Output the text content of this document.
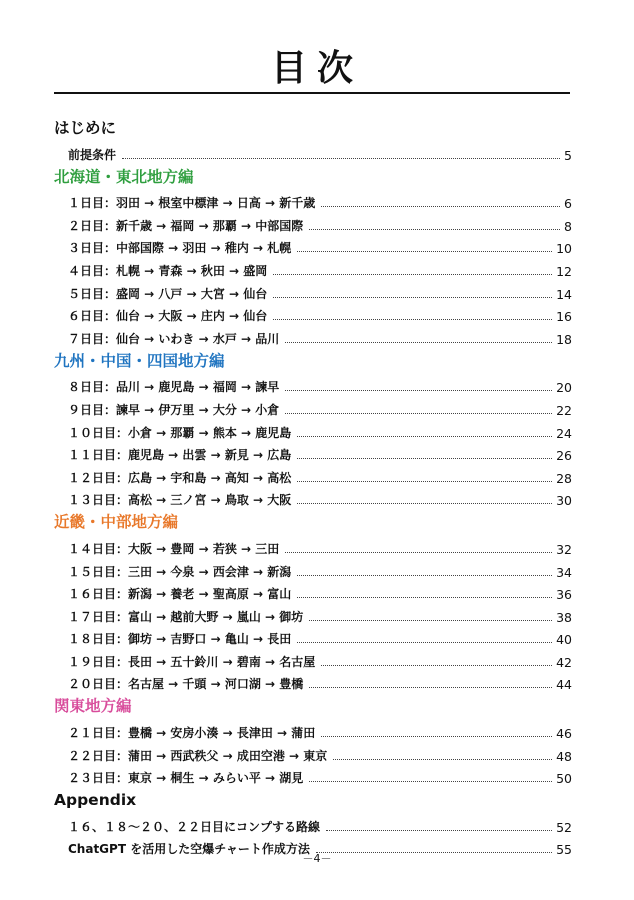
目次
はじめに
前提条件	5
北海道・東北地方編
１日目：羽田 → 根室中標津 → 日高 → 新千歳	6
２日目：新千歳 → 福岡 → 那覇 → 中部国際	8
３日目：中部国際 → 羽田 → 稚内 → 札幌	10
４日目：札幌 → 青森 → 秋田 → 盛岡	12
５日目：盛岡 → 八戸 → 大宮 → 仙台	14
６日目：仙台 → 大阪 → 庄内 → 仙台	16
７日目：仙台 → いわき → 水戸 → 品川	18
九州・中国・四国地方編
８日目：品川 → 鹿児島 → 福岡 → 諫早	20
９日目：諫早 → 伊万里 → 大分 → 小倉	22
１０日目：小倉 → 那覇 → 熊本 → 鹿児島	24
１１日目：鹿児島 → 出雲 → 新見 → 広島	26
１２日目：広島 → 宇和島 → 高知 → 高松	28
１３日目：高松 → 三ノ宮 → 鳥取 → 大阪	30
近畿・中部地方編
１４日目：大阪 → 豊岡 → 若狭 → 三田	32
１５日目：三田 → 今泉 → 西会津 → 新潟	34
１６日目：新潟 → 養老 → 聖高原 → 富山	36
１７日目：富山 → 越前大野 → 嵐山 → 御坊	38
１８日目：御坊 → 吉野口 → 亀山 → 長田	40
１９日目：長田 → 五十鈴川 → 碧南 → 名古屋	42
２０日目：名古屋 → 千頭 → 河口湖 → 豊橋	44
関東地方編
２１日目：豊橋 → 安房小湊 → 長津田 → 蒲田	46
２２日目：蒲田 → 西武秩父 → 成田空港 → 東京	48
２３日目：東京 → 桐生 → みらい平 → 湖見	50
Appendix
１６、１８～２０、２２日目にコンプする路線	52
ChatGPT を活用した空爆チャート作成方法	55
－4－
